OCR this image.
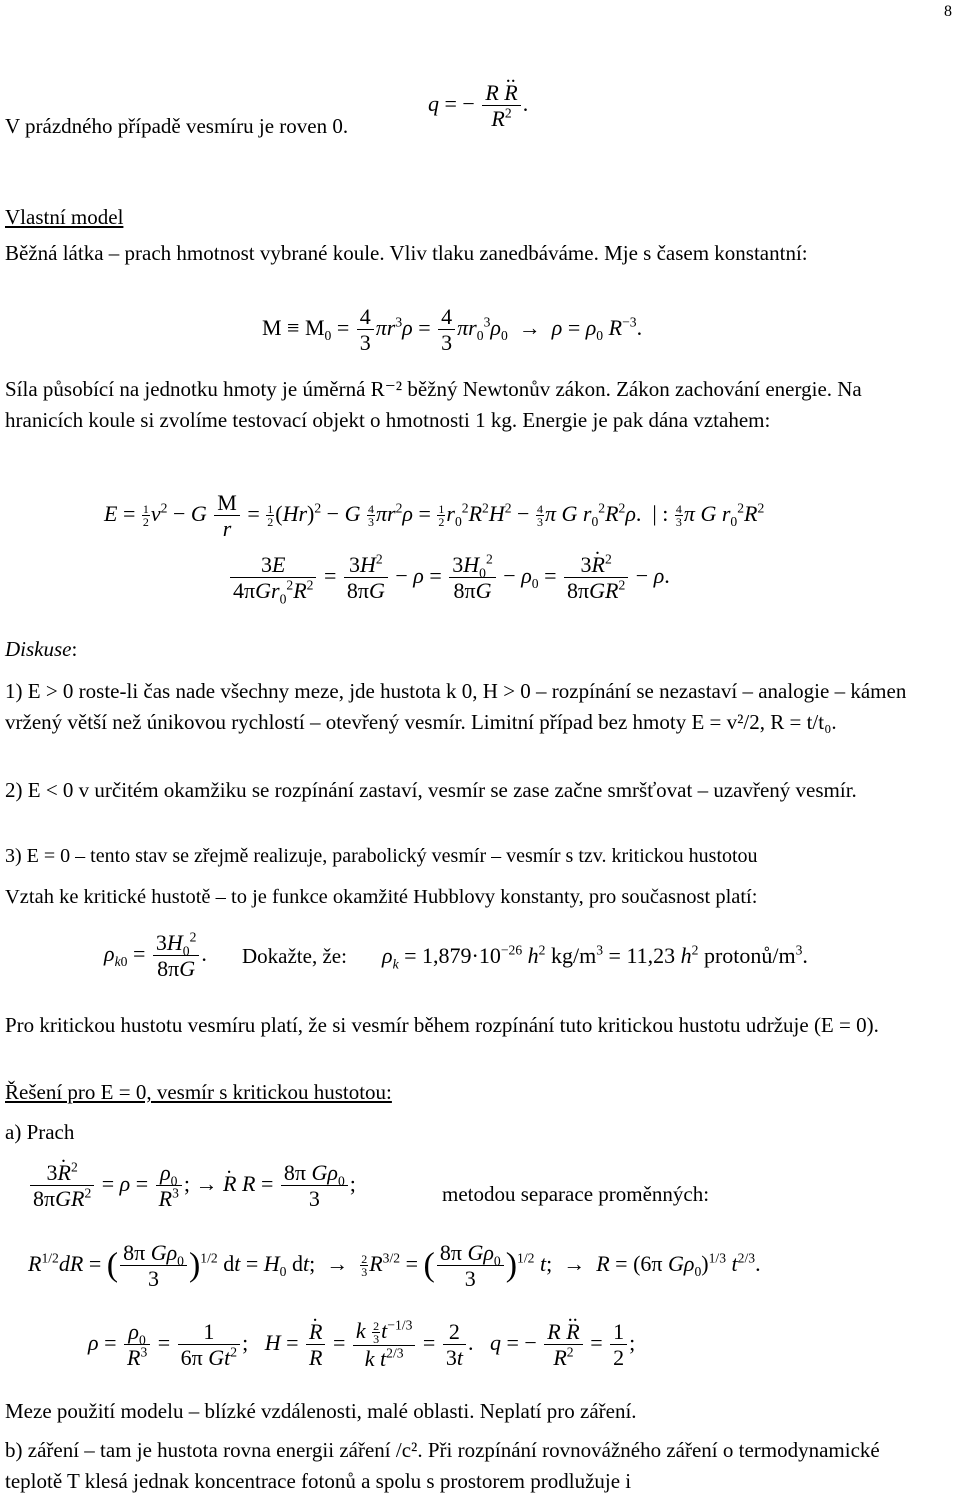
8
q = − $\frac{\text{R R ..}}{R^2}$ .
V prázdného případě vesmíru je roven 0.
Vlastní model
Běžná látka – prach hmotnost vybrané koule. Vliv tlaku zanedbáváme. Mje s časem konstantní:
$M \equiv M_0 = \frac{4}{3} \pi r^3\rho = \frac{4}{3} \pi r_0^3\rho_0 \to \rho = \rho_0$ $R^{-3}$.
Síla působící na jednotku hmoty je úměrná R⁻² běžný Newtonův zákon. Zákon zachování energie. Na hranicích koule si zvolíme testovací objekt o hmotnosti 1 kg. Energie je pak dána vztahem:
$E = \frac{1}{2} v^2 - G \frac{M}{r} = \frac{1}{2} (Hr)^2 - G \frac{4}{3} \pi r^2\rho = \frac{1}{2} r_0^2R^2H^2 - \frac{4}{3}$ π G $r_0^2R^2\rho$.  | : $\frac{4}{3}$ π G $r_0^2R^2$
$\frac{3E}{4\pi Gr_0^2R^2} = \frac{3H^2}{8\pi G} - \rho = \frac{3H_0^2}{8\pi G} - \rho_0 = \frac{3R .^2}{8\pi GR^2} - \rho$.
Diskuse:
1) E > 0 roste-li čas nade všechny meze, jde hustota k 0, H > 0 – rozpínání se nezastaví – analogie – kámen vržený větší než únikovou rychlostí – otevřený vesmír. Limitní případ bez hmoty E = v²/2, R = t/t₀.
2) E < 0 v určitém okamžiku se rozpínání zastaví, vesmír se zase začne smršťovat – uzavřený vesmír.
3) E = 0 – tento stav se zřejmě realizuje, parabolický vesmír – vesmír s tzv. kritickou hustotou
Vztah ke kritické hustotě – to je funkce okamžité Hubblovy konstanty, pro současnost platí:
$\rho_{k0} = \frac{3H_0^2}{8\pi G}$ . Dokažte, že: $\rho_k = 1,879\cdot 10^{-26}$ $h^2$ $kg/m^3 = 11,23$ $h^2$ protonů/$m^3$.
Pro kritickou hustotu vesmíru platí, že si vesmír během rozpínání tuto kritickou hustotu udržuje (E = 0).
Řešení pro E = 0, vesmír s kritickou hustotou:
a) Prach
$\frac{3R .^2}{8\pi GR^2} = \rho = \frac{\rho_0}{R^3}$ ; → R . $R = \frac{8\pi G\rho_0}{3}$ ;	metodou separace proměnných:
$R^{1/2}dR$ = ( $\frac{8\pi G\rho_0}{3} )^{1/2}$ dt = $H_0$ dt;  → $\frac{2}{3} R^{3/2}$ = ( $\frac{8\pi G\rho_0}{3} )^{1/2}$ t;  →  R = (6π $G\rho_0)^{1/3}$ $t^{2/3}$.
$\rho = \frac{\rho_0}{R^3} = \frac{1}{6\pi Gt^2}$ ;   $H = \frac{R .}{R} = \frac{k \frac{2}{3} t^{-1/3}}{k t^{2/3}} = \frac{2}{3t}$ .   q = − $\frac{\text{R R ..}}{R^2} = \frac{1}{2}$ ;
Meze použití modelu – blízké vzdálenosti, malé oblasti. Neplatí pro záření.
b) záření – tam je hustota rovna energii záření /c². Při rozpínání rovnovážného záření o termodynamické teplotě T klesá jednak koncentrace fotonů a spolu s prostorem prodlužuje i
